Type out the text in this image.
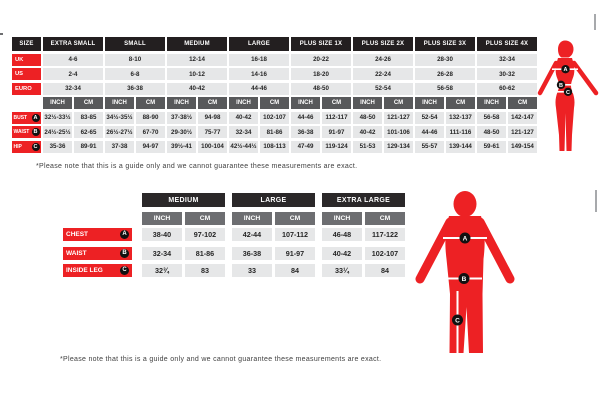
SIZE	EXTRA SMALL	SMALL	MEDIUM	LARGE	PLUS SIZE 1X	PLUS SIZE 2X	PLUS SIZE 3X	PLUS SIZE 4X
UK	4-6	8-10	12-14	16-18	20-22	24-26	28-30	32-34
US	2-4	6-8	10-12	14-16	18-20	22-24	26-28	30-32
EURO	32-34	36-38	40-42	44-46	48-50	52-54	56-58	60-62
INCH	CM	INCH	CM	INCH	CM	INCH	CM	INCH	CM	INCH	CM	INCH	CM	INCH	CM
BUST	A	32½-33½	83-85	34½-35½	88-90	37-38½	94-98	40-42	102-107	44-46	112-117	48-50	121-127	52-54	132-137	56-58	142-147
WAIST B	24½-25½	62-65	26½-27½	67-70	29-30½	75-77	32-34	81-86	36-38	91-97	40-42	101-106	44-46	111-116	48-50	121-127
HIP	C	35-36	89-91	37-38	94-97	39½-41	100-104	42½-44½	108-113	47-49	119-124	51-53	129-134	55-57	139-144	59-61	149-154
*Please note that this is a guide only and we cannot guarantee these measurements are exact.
MEDIUM	LARGE	EXTRA LARGE
INCH	CM	INCH	CM	INCH	CM
CHEST	A	38-40	97-102	42-44	107-112	46-48	117-122
WAIST	B	32-34	81-86	36-38	91-97	40-42	102-107
INSIDE LEG	C	32¾	83	33	84	33¼	84
*Please note that this is a guide only and we cannot guarantee these measurements are exact.
A
B
C
A
B
C
